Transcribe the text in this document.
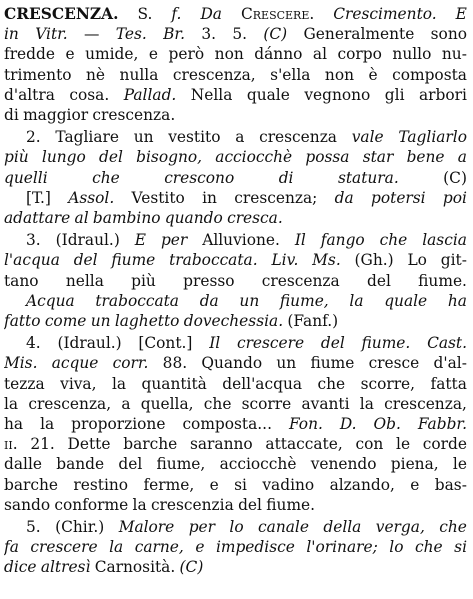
CRESCENZA. S. f. Da Crescere. Crescimento. E
in Vitr. — Tes. Br. 3. 5. (C) Generalmente sono
fredde e umide, e però non dánno al corpo nullo nu-
trimento nè nulla crescenza, s'ella non è composta
d'altra cosa. Pallad. Nella quale vegnono gli arbori
di maggior crescenza.
2. Tagliare un vestito a crescenza vale Tagliarlo
più lungo del bisogno, acciocchè possa star bene a
quelli	che	crescono	di	statura.	(C)
[T.] Assol. Vestito in crescenza; da potersi poi
adattare al bambino quando cresca.
3. (Idraul.) E per Alluvione. Il fango che lascia
l'acqua del fiume traboccata. Liv. Ms. (Gh.) Lo git-
tano nella più presso crescenza del fiume.
Acqua traboccata da un fiume, la quale ha
fatto come un laghetto dovechessia. (Fanf.)
4. (Idraul.) [Cont.] Il crescere del fiume. Cast.
Mis. acque corr. 88. Quando un fiume cresce d'al-
tezza viva, la quantità dell'acqua che scorre, fatta
la crescenza, a quella, che scorre avanti la crescenza,
ha la proporzione composta... Fon. D. Ob. Fabbr.
ii. 21. Dette barche saranno attaccate, con le corde
dalle bande del fiume, acciocchè venendo piena, le
barche restino ferme, e si vadino alzando, e bas-
sando conforme la crescenzia del fiume.
5. (Chir.) Malore per lo canale della verga, che
fa crescere la carne, e impedisce l'orinare; lo che si
dice altresì Carnosità. (C)
